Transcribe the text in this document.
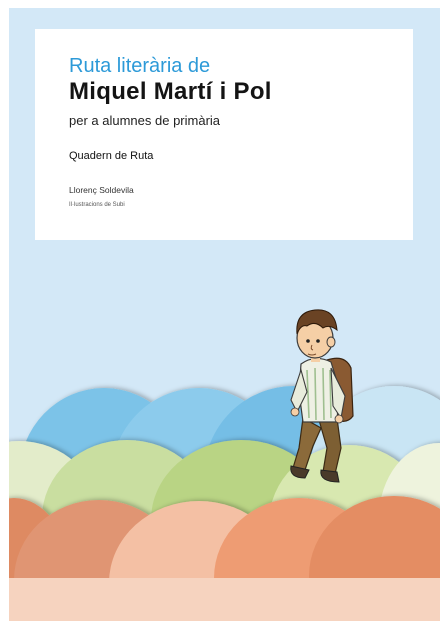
Ruta literària de
Miquel Martí i Pol
per a alumnes de primària
Quadern de Ruta
Llorenç Soldevila
Il·lustracions de Subi
